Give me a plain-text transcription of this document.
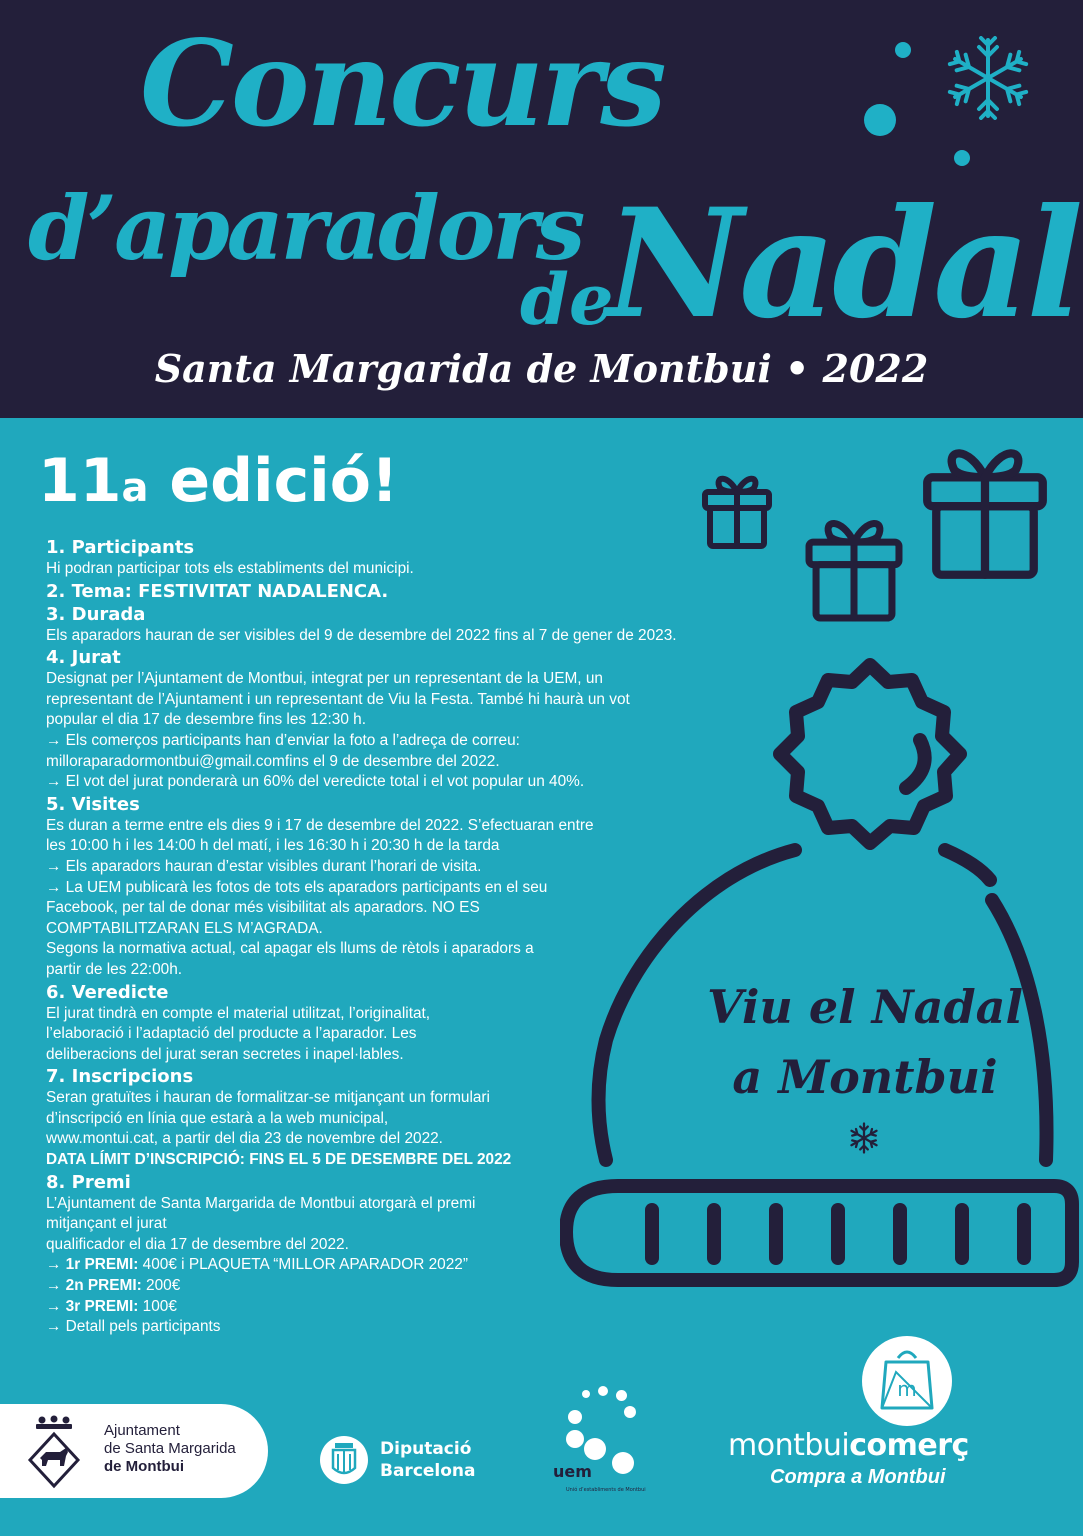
Concurs
d’aparadors
de
Nadal
Santa Margarida de Montbui • 2022
11a edició!
Viu el Nadal
a Montbui
1. Participants

Hi podran participar tots els establiments del municipi.

2. Tema: FESTIVITAT NADALENCA.
3. Durada

Els aparadors hauran de ser visibles del 9 de desembre del 2022 fins al 7 de gener de 2023.

4. Jurat

Designat per l’Ajuntament de Montbui, integrat per un representant de la UEM, un

representant de l’Ajuntament i un representant de Viu la Festa. També hi haurà un vot

popular el dia 17 de desembre fins les 12:30 h.

→ Els comerços participants han d’enviar la foto a l’adreça de correu:

milloraparadormontbui@gmail.comfins el 9 de desembre del 2022.

→ El vot del jurat ponderarà un 60% del veredicte total i el vot popular un 40%.

5. Visites

Es duran a terme entre els dies 9 i 17 de desembre del 2022. S’efectuaran entre

les 10:00 h i les 14:00 h del matí, i les 16:30 h i 20:30 h de la tarda

→ Els aparadors hauran d’estar visibles durant l’horari de visita.

→ La UEM publicarà les fotos de tots els aparadors participants en el seu

Facebook, per tal de donar més visibilitat als aparadors. NO ES

COMPTABILITZARAN ELS M’AGRADA.

Segons la normativa actual, cal apagar els llums de rètols i aparadors a

partir de les 22:00h.

6. Veredicte

El jurat tindrà en compte el material utilitzat, l’originalitat,

l’elaboració i l’adaptació del producte a l’aparador. Les

deliberacions del jurat seran secretes i inapel·lables.

7. Inscripcions

Seran gratuïtes i hauran de formalitzar-se mitjançant un formulari

d’inscripció en línia que estarà a la web municipal,

www.montui.cat, a partir del dia 23 de novembre del 2022.

DATA LÍMIT D’INSCRIPCIÓ: FINS EL 5 DE DESEMBRE DEL 2022

8. Premi

L’Ajuntament de Santa Margarida de Montbui atorgarà el premi

mitjançant el jurat

qualificador el dia 17 de desembre del 2022.

→ 1r PREMI: 400€ i PLAQUETA “MILLOR APARADOR 2022”

→ 2n PREMI: 200€

→ 3r PREMI: 100€

→ Detall pels participants

Ajuntament
de Santa Margarida
de Montbui
Diputació
Barcelona	uem
Unió d’establiments de Montbui
m
montbuicomerç
Compra a Montbui
